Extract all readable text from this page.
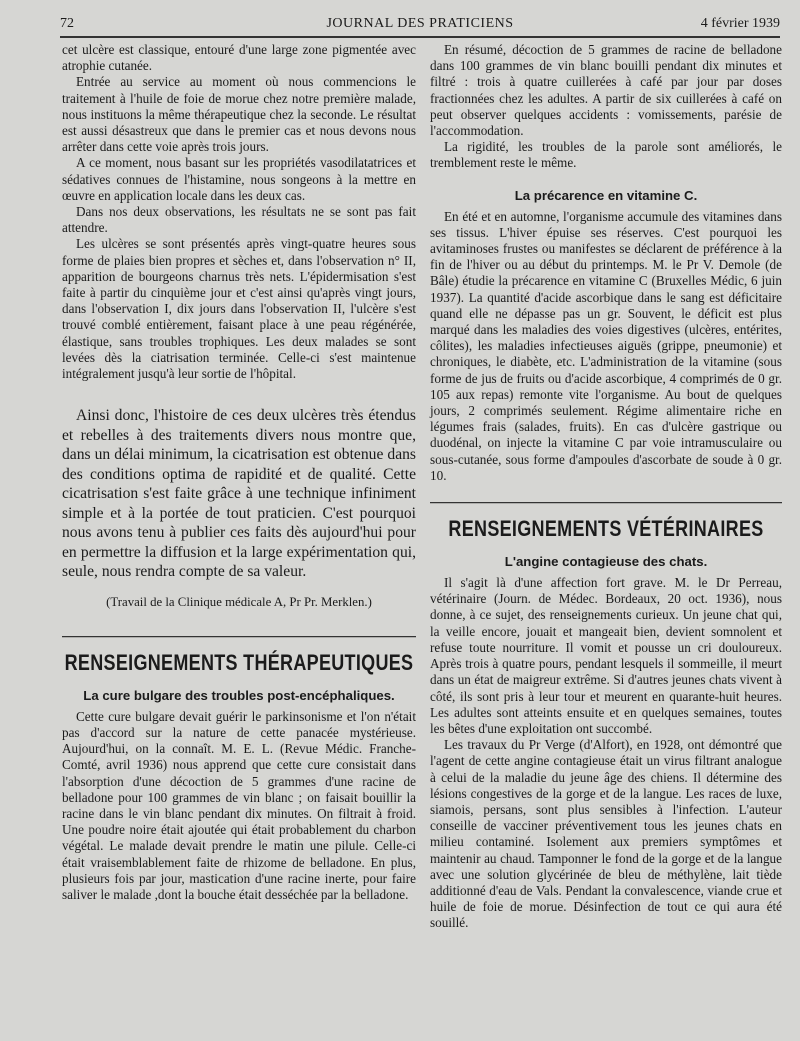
72	JOURNAL DES PRATICIENS	4 février 1939

cet ulcère est classique, entouré d'une large zone pigmentée avec atrophie cutanée.

Entrée au service au moment où nous commencions le traitement à l'huile de foie de morue chez notre première malade, nous instituons la même thérapeutique chez la seconde. Le résultat est aussi désastreux que dans le premier cas et nous devons nous arrêter dans cette voie après trois jours.

A ce moment, nous basant sur les propriétés vasodilatatrices et sédatives connues de l'histamine, nous songeons à la mettre en œuvre en application locale dans les deux cas.

Dans nos deux observations, les résultats ne se sont pas fait attendre.

Les ulcères se sont présentés après vingt-quatre heures sous forme de plaies bien propres et sèches et, dans l'observation n° II, apparition de bourgeons charnus très nets. L'épidermisation s'est faite à partir du cinquième jour et c'est ainsi qu'après vingt jours, dans l'observation I, dix jours dans l'observation II, l'ulcère s'est trouvé comblé entièrement, faisant place à une peau régénérée, élastique, sans troubles trophiques. Les deux malades se sont levées dès la ciatrisation terminée. Celle-ci s'est maintenue intégralement jusqu'à leur sortie de l'hôpital.

Ainsi donc, l'histoire de ces deux ulcères très étendus et rebelles à des traitements divers nous montre que, dans un délai minimum, la cicatrisation est obtenue dans des conditions optima de rapidité et de qualité. Cette cicatrisation s'est faite grâce à une technique infiniment simple et à la portée de tout praticien. C'est pourquoi nous avons tenu à publier ces faits dès aujourd'hui pour en permettre la diffusion et la large expérimentation qui, seule, nous rendra compte de sa valeur.

(Travail de la Clinique médicale A, Pr Pr. Merklen.)
RENSEIGNEMENTS THÉRAPEUTIQUES
La cure bulgare des troubles post-encéphaliques.

Cette cure bulgare devait guérir le parkinsonisme et l'on n'était pas d'accord sur la nature de cette panacée mystérieuse. Aujourd'hui, on la connaît. M. E. L. (Revue Médic. Franche-Comté, avril 1936) nous apprend que cette cure consistait dans l'absorption d'une décoction de 5 grammes d'une racine de belladone pour 100 grammes de vin blanc ; on faisait bouillir la racine dans le vin blanc pendant dix minutes. On filtrait à froid. Une poudre noire était ajoutée qui était probablement du charbon végétal. Le malade devait prendre le matin une pilule. Celle-ci était vraisemblablement faite de rhizome de belladone. En plus, plusieurs fois par jour, mastication d'une racine inerte, pour faire saliver le malade ,dont la bouche était desséchée par la belladone.

En résumé, décoction de 5 grammes de racine de belladone dans 100 grammes de vin blanc bouilli pendant dix minutes et filtré : trois à quatre cuillerées à café par jour par doses fractionnées chez les adultes. A partir de six cuillerées à café on peut observer quelques accidents : vomissements, parésie de l'accommodation.

La rigidité, les troubles de la parole sont améliorés, le tremblement reste le même.

La précarence en vitamine C.

En été et en automne, l'organisme accumule des vitamines dans ses tissus. L'hiver épuise ses réserves. C'est pourquoi les avitaminoses frustes ou manifestes se déclarent de préférence à la fin de l'hiver ou au début du printemps. M. le Pr V. Demole (de Bâle) étudie la précarence en vitamine C (Bruxelles Médic, 6 juin 1937). La quantité d'acide ascorbique dans le sang est déficitaire quand elle ne dépasse pas un gr. Souvent, le déficit est plus marqué dans les maladies des voies digestives (ulcères, entérites, côlites), les maladies infectieuses aiguës (grippe, pneumonie) et chroniques, le diabète, etc. L'administration de la vitamine (sous forme de jus de fruits ou d'acide ascorbique, 4 comprimés de 0 gr. 105 aux repas) remonte vite l'organisme. Au bout de quelques jours, 2 comprimés seulement. Régime alimentaire riche en légumes frais (salades, fruits). En cas d'ulcère gastrique ou duodénal, on injecte la vitamine C par voie intramusculaire ou sous-cutanée, sous forme d'ampoules d'ascorbate de soude à 0 gr. 10.

RENSEIGNEMENTS VÉTÉRINAIRES
L'angine contagieuse des chats.

Il s'agit là d'une affection fort grave. M. le Dr Perreau, vétérinaire (Journ. de Médec. Bordeaux, 20 oct. 1936), nous donne, à ce sujet, des renseignements curieux. Un jeune chat qui, la veille encore, jouait et mangeait bien, devient somnolent et refuse toute nourriture. Il vomit et pousse un cri douloureux. Après trois à quatre pours, pendant lesquels il sommeille, il meurt dans un état de maigreur extrême. Si d'autres jeunes chats vivent à côté, ils sont pris à leur tour et meurent en quarante-huit heures. Les adultes sont atteints ensuite et en quelques semaines, toutes les bêtes d'une exploitation ont succombé.

Les travaux du Pr Verge (d'Alfort), en 1928, ont démontré que l'agent de cette angine contagieuse était un virus filtrant analogue à celui de la maladie du jeune âge des chiens. Il détermine des lésions congestives de la gorge et de la langue. Les races de luxe, siamois, persans, sont plus sensibles à l'infection. L'auteur conseille de vacciner préventivement tous les jeunes chats en milieu contaminé. Isolement aux premiers symptômes et maintenir au chaud. Tamponner le fond de la gorge et de la langue avec une solution glycérinée de bleu de méthylène, lait tiède additionné d'eau de Vals. Pendant la convalescence, viande crue et huile de foie de morue. Désinfection de tout ce qui aura été souillé.
